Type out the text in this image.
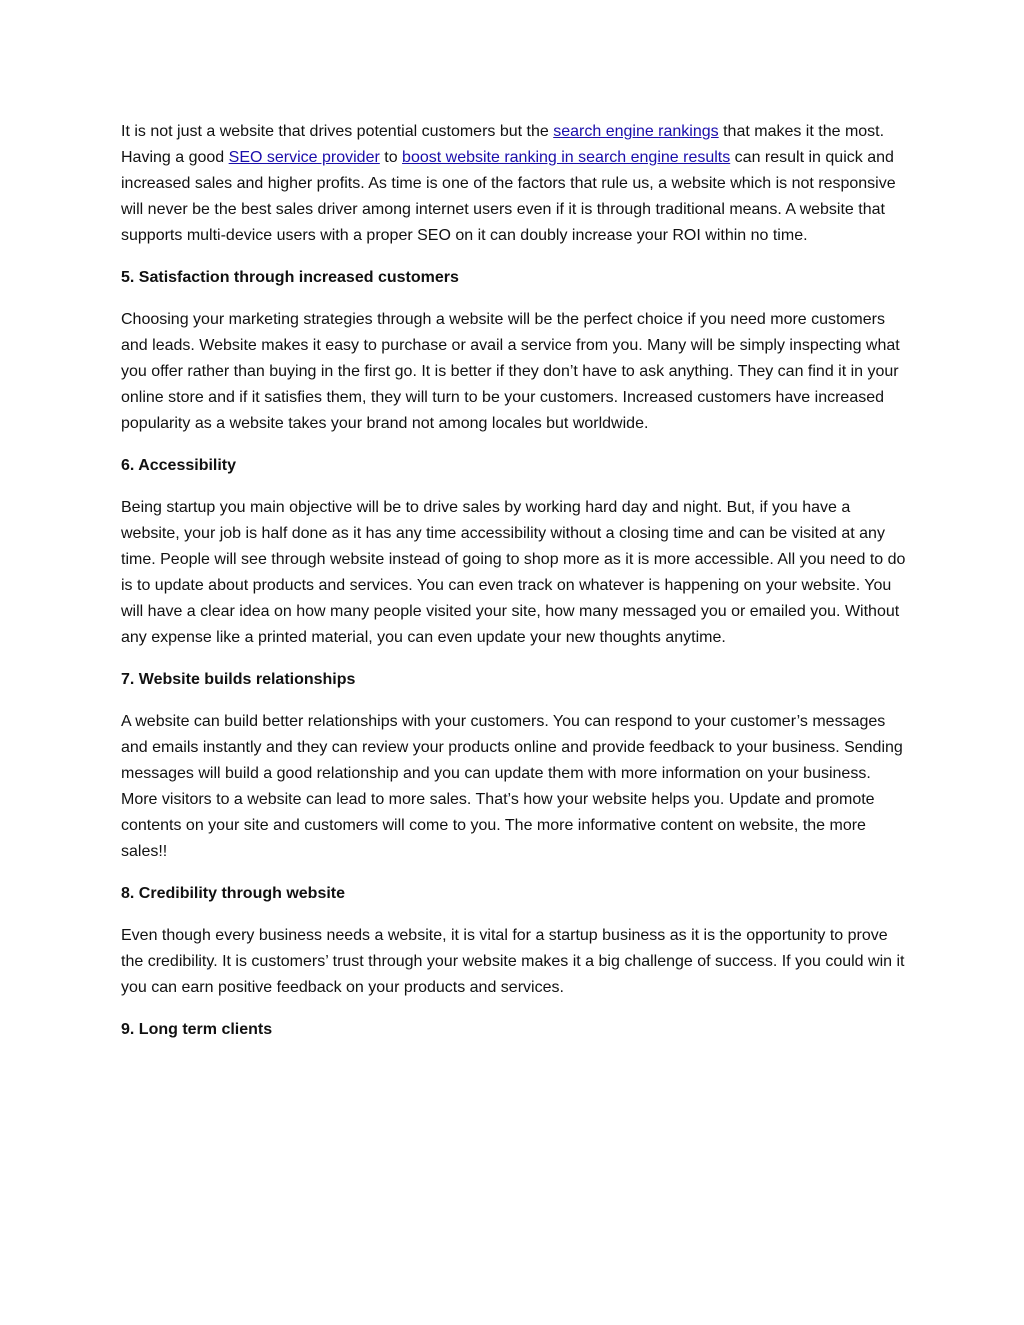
It is not just a website that drives potential customers but the search engine rankings that makes it the most. Having a good SEO service provider to boost website ranking in search engine results can result in quick and increased sales and higher profits. As time is one of the factors that rule us, a website which is not responsive will never be the best sales driver among internet users even if it is through traditional means. A website that supports multi-device users with a proper SEO on it can doubly increase your ROI within no time.

5. Satisfaction through increased customers

Choosing your marketing strategies through a website will be the perfect choice if you need more customers and leads. Website makes it easy to purchase or avail a service from you. Many will be simply inspecting what you offer rather than buying in the first go. It is better if they don’t have to ask anything. They can find it in your online store and if it satisfies them, they will turn to be your customers. Increased customers have increased popularity as a website takes your brand not among locales but worldwide.

6. Accessibility

Being startup you main objective will be to drive sales by working hard day and night. But, if you have a website, your job is half done as it has any time accessibility without a closing time and can be visited at any time. People will see through website instead of going to shop more as it is more accessible. All you need to do is to update about products and services. You can even track on whatever is happening on your website. You will have a clear idea on how many people visited your site, how many messaged you or emailed you. Without any expense like a printed material, you can even update your new thoughts anytime.

7. Website builds relationships

A website can build better relationships with your customers. You can respond to your customer’s messages and emails instantly and they can review your products online and provide feedback to your business. Sending messages will build a good relationship and you can update them with more information on your business. More visitors to a website can lead to more sales. That’s how your website helps you. Update and promote contents on your site and customers will come to you. The more informative content on website, the more sales!!

8. Credibility through website

Even though every business needs a website, it is vital for a startup business as it is the opportunity to prove the credibility. It is customers’ trust through your website makes it a big challenge of success. If you could win it you can earn positive feedback on your products and services.

9. Long term clients
